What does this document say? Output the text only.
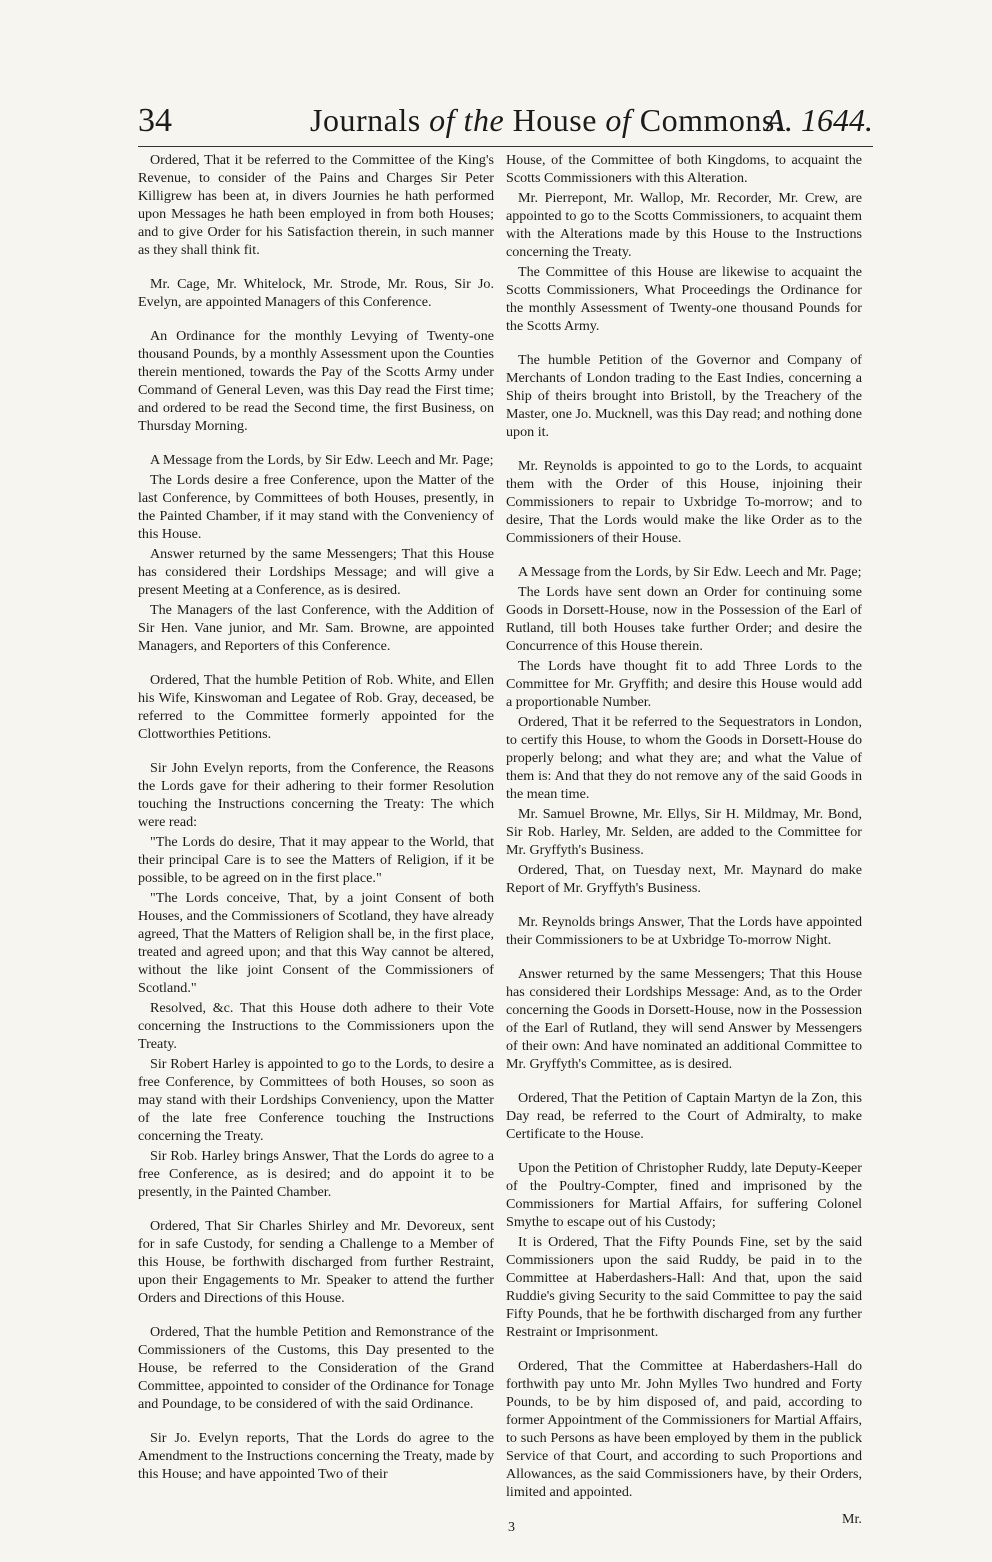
34	Journals of the House of Commons.
A. 1644.

Ordered, That it be referred to the Committee of the King's Revenue, to consider of the Pains and Charges Sir Peter Killigrew has been at, in divers Journies he hath performed upon Messages he hath been employed in from both Houses; and to give Order for his Satisfaction therein, in such manner as they shall think fit.

Mr. Cage, Mr. Whitelock, Mr. Strode, Mr. Rous, Sir Jo. Evelyn, are appointed Managers of this Conference.

An Ordinance for the monthly Levying of Twenty-one thousand Pounds, by a monthly Assessment upon the Counties therein mentioned, towards the Pay of the Scotts Army under Command of General Leven, was this Day read the First time; and ordered to be read the Second time, the first Business, on Thursday Morning.

A Message from the Lords, by Sir Edw. Leech and Mr. Page;

The Lords desire a free Conference, upon the Matter of the last Conference, by Committees of both Houses, presently, in the Painted Chamber, if it may stand with the Conveniency of this House.

Answer returned by the same Messengers; That this House has considered their Lordships Message; and will give a present Meeting at a Conference, as is desired.

The Managers of the last Conference, with the Addition of Sir Hen. Vane junior, and Mr. Sam. Browne, are appointed Managers, and Reporters of this Conference.

Ordered, That the humble Petition of Rob. White, and Ellen his Wife, Kinswoman and Legatee of Rob. Gray, deceased, be referred to the Committee formerly appointed for the Clottworthies Petitions.

Sir John Evelyn reports, from the Conference, the Reasons the Lords gave for their adhering to their former Resolution touching the Instructions concerning the Treaty: The which were read:

"The Lords do desire, That it may appear to the World, that their principal Care is to see the Matters of Religion, if it be possible, to be agreed on in the first place."

"The Lords conceive, That, by a joint Consent of both Houses, and the Commissioners of Scotland, they have already agreed, That the Matters of Religion shall be, in the first place, treated and agreed upon; and that this Way cannot be altered, without the like joint Consent of the Commissioners of Scotland."

Resolved, &c. That this House doth adhere to their Vote concerning the Instructions to the Commissioners upon the Treaty.

Sir Robert Harley is appointed to go to the Lords, to desire a free Conference, by Committees of both Houses, so soon as may stand with their Lordships Conveniency, upon the Matter of the late free Conference touching the Instructions concerning the Treaty.

Sir Rob. Harley brings Answer, That the Lords do agree to a free Conference, as is desired; and do appoint it to be presently, in the Painted Chamber.

Ordered, That Sir Charles Shirley and Mr. Devoreux, sent for in safe Custody, for sending a Challenge to a Member of this House, be forthwith discharged from further Restraint, upon their Engagements to Mr. Speaker to attend the further Orders and Directions of this House.

Ordered, That the humble Petition and Remonstrance of the Commissioners of the Customs, this Day presented to the House, be referred to the Consideration of the Grand Committee, appointed to consider of the Ordinance for Tonage and Poundage, to be considered of with the said Ordinance.

Sir Jo. Evelyn reports, That the Lords do agree to the Amendment to the Instructions concerning the Treaty, made by this House; and have appointed Two of their

House, of the Committee of both Kingdoms, to acquaint the Scotts Commissioners with this Alteration.

Mr. Pierrepont, Mr. Wallop, Mr. Recorder, Mr. Crew, are appointed to go to the Scotts Commissioners, to acquaint them with the Alterations made by this House to the Instructions concerning the Treaty.

The Committee of this House are likewise to acquaint the Scotts Commissioners, What Proceedings the Ordinance for the monthly Assessment of Twenty-one thousand Pounds for the Scotts Army.

The humble Petition of the Governor and Company of Merchants of London trading to the East Indies, concerning a Ship of theirs brought into Bristoll, by the Treachery of the Master, one Jo. Mucknell, was this Day read; and nothing done upon it.

Mr. Reynolds is appointed to go to the Lords, to acquaint them with the Order of this House, injoining their Commissioners to repair to Uxbridge To-morrow; and to desire, That the Lords would make the like Order as to the Commissioners of their House.

A Message from the Lords, by Sir Edw. Leech and Mr. Page;

The Lords have sent down an Order for continuing some Goods in Dorsett-House, now in the Possession of the Earl of Rutland, till both Houses take further Order; and desire the Concurrence of this House therein.

The Lords have thought fit to add Three Lords to the Committee for Mr. Gryffith; and desire this House would add a proportionable Number.

Ordered, That it be referred to the Sequestrators in London, to certify this House, to whom the Goods in Dorsett-House do properly belong; and what they are; and what the Value of them is: And that they do not remove any of the said Goods in the mean time.

Mr. Samuel Browne, Mr. Ellys, Sir H. Mildmay, Mr. Bond, Sir Rob. Harley, Mr. Selden, are added to the Committee for Mr. Gryffyth's Business.

Ordered, That, on Tuesday next, Mr. Maynard do make Report of Mr. Gryffyth's Business.

Mr. Reynolds brings Answer, That the Lords have appointed their Commissioners to be at Uxbridge To-morrow Night.

Answer returned by the same Messengers; That this House has considered their Lordships Message: And, as to the Order concerning the Goods in Dorsett-House, now in the Possession of the Earl of Rutland, they will send Answer by Messengers of their own: And have nominated an additional Committee to Mr. Gryffyth's Committee, as is desired.

Ordered, That the Petition of Captain Martyn de la Zon, this Day read, be referred to the Court of Admiralty, to make Certificate to the House.

Upon the Petition of Christopher Ruddy, late Deputy-Keeper of the Poultry-Compter, fined and imprisoned by the Commissioners for Martial Affairs, for suffering Colonel Smythe to escape out of his Custody;

It is Ordered, That the Fifty Pounds Fine, set by the said Commissioners upon the said Ruddy, be paid in to the Committee at Haberdashers-Hall: And that, upon the said Ruddie's giving Security to the said Committee to pay the said Fifty Pounds, that he be forthwith discharged from any further Restraint or Imprisonment.

Ordered, That the Committee at Haberdashers-Hall do forthwith pay unto Mr. John Mylles Two hundred and Forty Pounds, to be by him disposed of, and paid, according to former Appointment of the Commissioners for Martial Affairs, to such Persons as have been employed by them in the publick Service of that Court, and according to such Proportions and Allowances, as the said Commissioners have, by their Orders, limited and appointed.

3
Mr.
